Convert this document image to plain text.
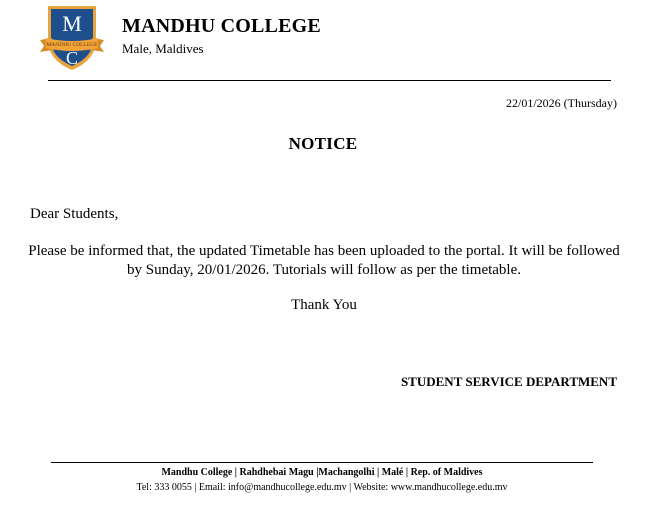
MANDHU COLLEGE
M
C
MANDHU COLLEGE
Male, Maldives
22/01/2026 (Thursday)
NOTICE
Dear Students,
Please be informed that, the updated Timetable has been uploaded to the portal. It will be followed by Sunday, 20/01/2026. Tutorials will follow as per the timetable.
Thank You
STUDENT SERVICE DEPARTMENT
Mandhu College | Rahdhebai Magu |Machangolhi | Malé | Rep. of Maldives
Tel: 333 0055 | Email: info@mandhucollege.edu.mv | Website: www.mandhucollege.edu.mv
